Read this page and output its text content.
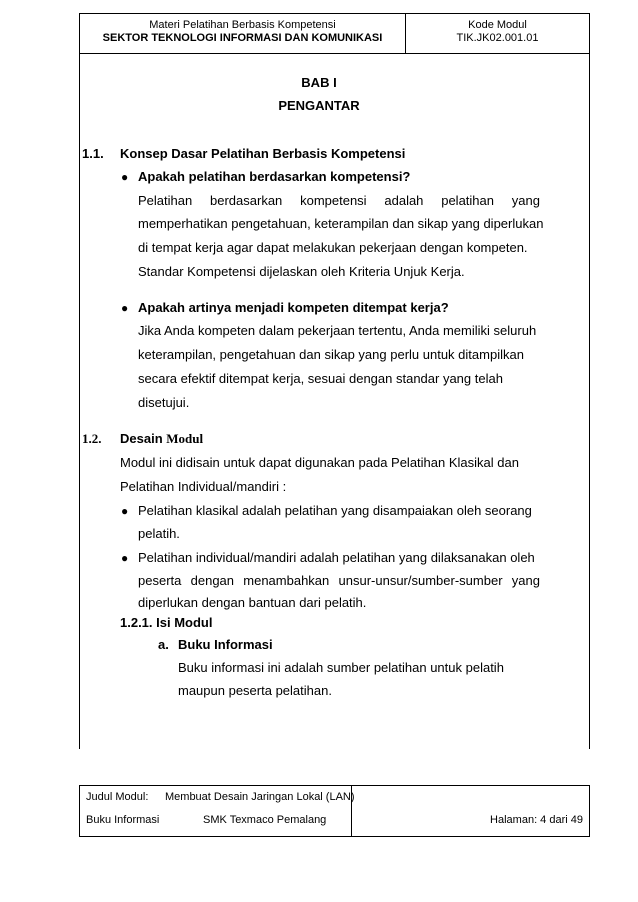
Materi Pelatihan Berbasis Kompetensi
SEKTOR TEKNOLOGI INFORMASI DAN KOMUNIKASI
Kode Modul
TIK.JK02.001.01
BAB I
PENGANTAR
1.1. Konsep Dasar Pelatihan Berbasis Kompetensi
● Apakah pelatihan berdasarkan kompetensi?
Pelatihan berdasarkan kompetensi adalah pelatihan yang
memperhatikan pengetahuan, keterampilan dan sikap yang diperlukan
di tempat kerja agar dapat melakukan pekerjaan dengan kompeten.
Standar Kompetensi dijelaskan oleh Kriteria Unjuk Kerja.
● Apakah artinya menjadi kompeten ditempat kerja?
Jika Anda kompeten dalam pekerjaan tertentu, Anda memiliki seluruh
keterampilan, pengetahuan dan sikap yang perlu untuk ditampilkan
secara efektif ditempat kerja, sesuai dengan standar yang telah
disetujui.
1.2. Desain Modul
Modul ini didisain untuk dapat digunakan pada Pelatihan Klasikal dan
Pelatihan Individual/mandiri :
● Pelatihan klasikal adalah pelatihan yang disampaiakan oleh seorang
pelatih.
● Pelatihan individual/mandiri adalah pelatihan yang dilaksanakan oleh
peserta dengan menambahkan unsur-unsur/sumber-sumber yang
diperlukan dengan bantuan dari pelatih.
1.2.1. Isi Modul
a. Buku Informasi
Buku informasi ini adalah sumber pelatihan untuk pelatih
maupun peserta pelatihan.
Judul Modul: Membuat Desain Jaringan Lokal (LAN)
Buku Informasi	SMK Texmaco Pemalang	Halaman: 4 dari 49
